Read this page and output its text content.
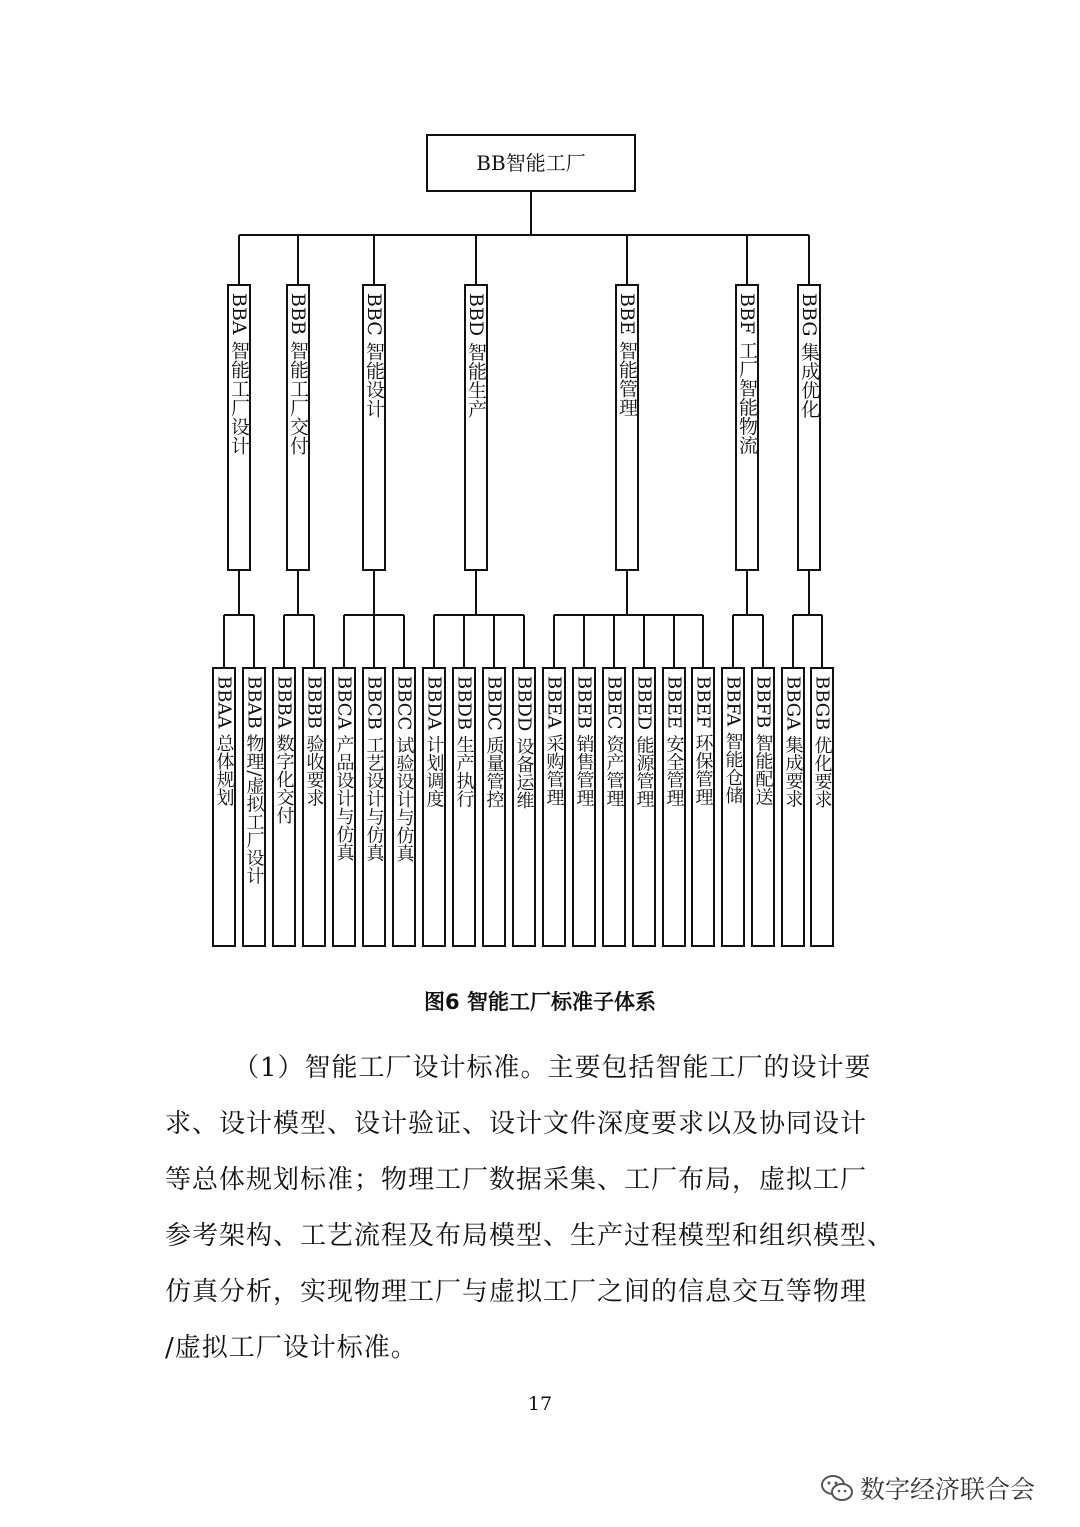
BB智能工厂
BBA 智能工厂设计
BBAA 总体规划 BBAB 物理/虚拟工厂设计
BBB 智能工厂交付
BBBA 数字化交付 BBBB 验收要求
BBC 智能设计
BBCA 产品设计与仿真 BBCB 工艺设计与仿真 BBCC 试验设计与仿真
BBD 智能生产
BBDA 计划调度 BBDB 生产执行 BBDC 质量管控 BBDD 设备运维
BBE 智能管理
BBEA 采购管理 BBEB 销售管理 BBEC 资产管理 BBED 能源管理 BBEE 安全管理 BBEF 环保管理
BBF 工厂智能物流
BBFA 智能仓储 BBFB 智能配送
BBG 集成优化
BBGA 集成要求 BBGB 优化要求
图6 智能工厂标准子体系

（1）智能工厂设计标准。主要包括智能工厂的设计要

求、设计模型、设计验证、设计文件深度要求以及协同设计

等总体规划标准；物理工厂数据采集、工厂布局，虚拟工厂

参考架构、工艺流程及布局模型、生产过程模型和组织模型、

仿真分析，实现物理工厂与虚拟工厂之间的信息交互等物理

/虚拟工厂设计标准。

17
数字经济联合会
